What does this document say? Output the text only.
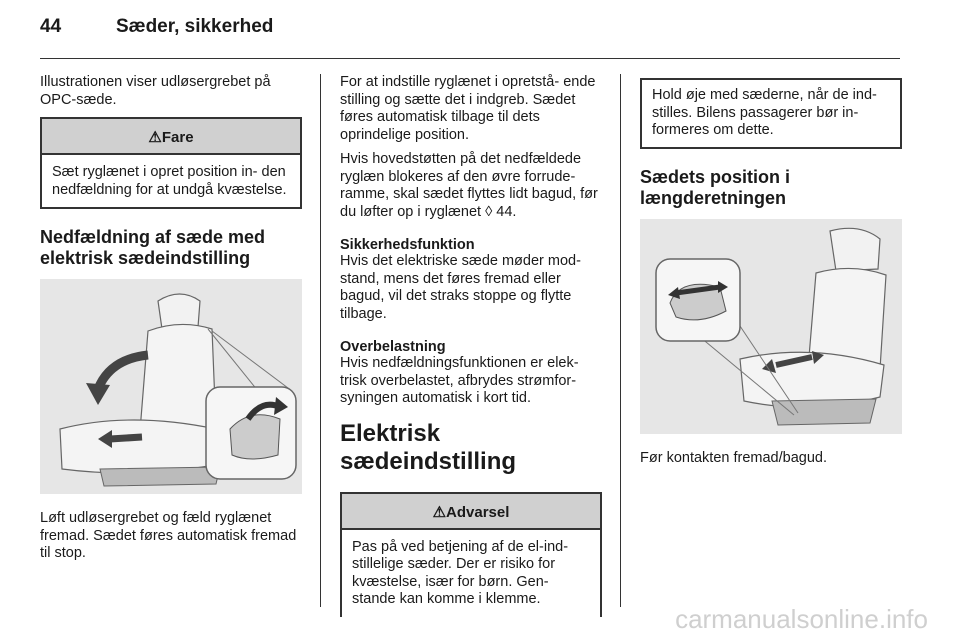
44	Sæder, sikkerhed

Illustrationen viser udløsergrebet på OPC-sæde.

⚠Fare
Sæt ryglænet i opret position in- den nedfældning for at undgå kvæstelse.
Nedfældning af sæde med elektrisk sædeindstilling

Løft udløsergrebet og fæld ryglænet fremad. Sædet føres automatisk fremad til stop.

For at indstille ryglænet i opretstå- ende stilling og sætte det i indgreb. Sædet føres automatisk tilbage til dets oprindelige position.

Hvis hovedstøtten på det nedfældede ryglæn blokeres af den øvre forrude- ramme, skal sædet flyttes lidt bagud, før du løfter op i ryglænet ◊ 44.

Sikkerhedsfunktion

Hvis det elektriske sæde møder mod- stand, mens det føres fremad eller bagud, vil det straks stoppe og flytte tilbage.

Overbelastning

Hvis nedfældningsfunktionen er elek- trisk overbelastet, afbrydes strømfor- syningen automatisk i kort tid.

Elektrisk sædeindstilling
⚠Advarsel
Pas på ved betjening af de el-ind- stillelige sæder. Der er risiko for kvæstelse, især for børn. Gen- stande kan komme i klemme.
Hold øje med sæderne, når de ind- stilles. Bilens passagerer bør in- formeres om dette.
Sædets position i længderetningen

Før kontakten fremad/bagud.

carmanualsonline.info
